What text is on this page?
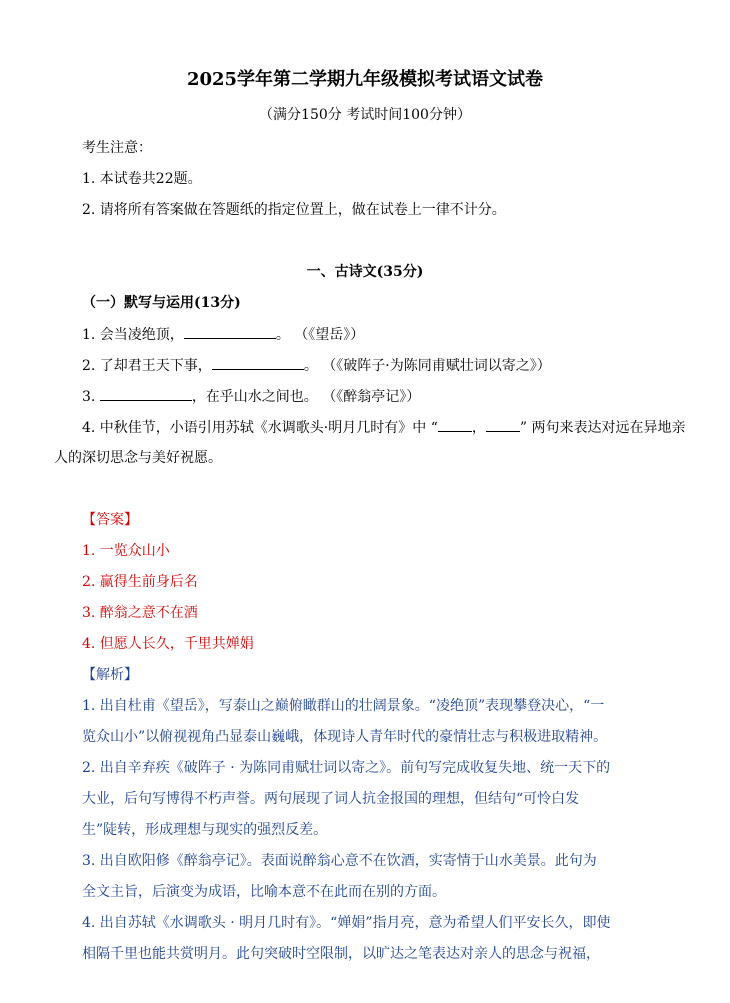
2025学年第二学期九年级模拟考试语文试卷
（满分150分 考试时间100分钟）
考生注意：
1. 本试卷共22题。
2. 请将所有答案做在答题纸的指定位置上，做在试卷上一律不计分。
一、古诗文(35分)
（一）默写与运用(13分)
1. 会当凌绝顶，	。 （《望岳》）
2. 了却君王天下事，	。 （《破阵子·为陈同甫赋壮词以寄之》）
3.	，在乎山水之间也。 （《醉翁亭记》）
4. 中秋佳节，小语引用苏轼《水调歌头·明月几时有》中 “ ， ” 两句来表达对远在异地亲
人的深切思念与美好祝愿。
【答案】
1. 一览众山小
2. 赢得生前身后名
3. 醉翁之意不在酒
4. 但愿人长久，千里共婵娟
【解析】
1. 出自杜甫《望岳》，写泰山之巅俯瞰群山的壮阔景象。“凌绝顶”表现攀登决心，“一
览众山小”以俯视视角凸显泰山巍峨，体现诗人青年时代的豪情壮志与积极进取精神。
2. 出自辛弃疾《破阵子 · 为陈同甫赋壮词以寄之》。前句写完成收复失地、统一天下的
大业，后句写博得不朽声誉。两句展现了词人抗金报国的理想，但结句“可怜白发
生”陡转，形成理想与现实的强烈反差。
3. 出自欧阳修《醉翁亭记》。表面说醉翁心意不在饮酒，实寄情于山水美景。此句为
全文主旨，后演变为成语，比喻本意不在此而在别的方面。
4. 出自苏轼《水调歌头 · 明月几时有》。“婵娟”指月亮，意为希望人们平安长久，即使
相隔千里也能共赏明月。此句突破时空限制，以旷达之笔表达对亲人的思念与祝福，
